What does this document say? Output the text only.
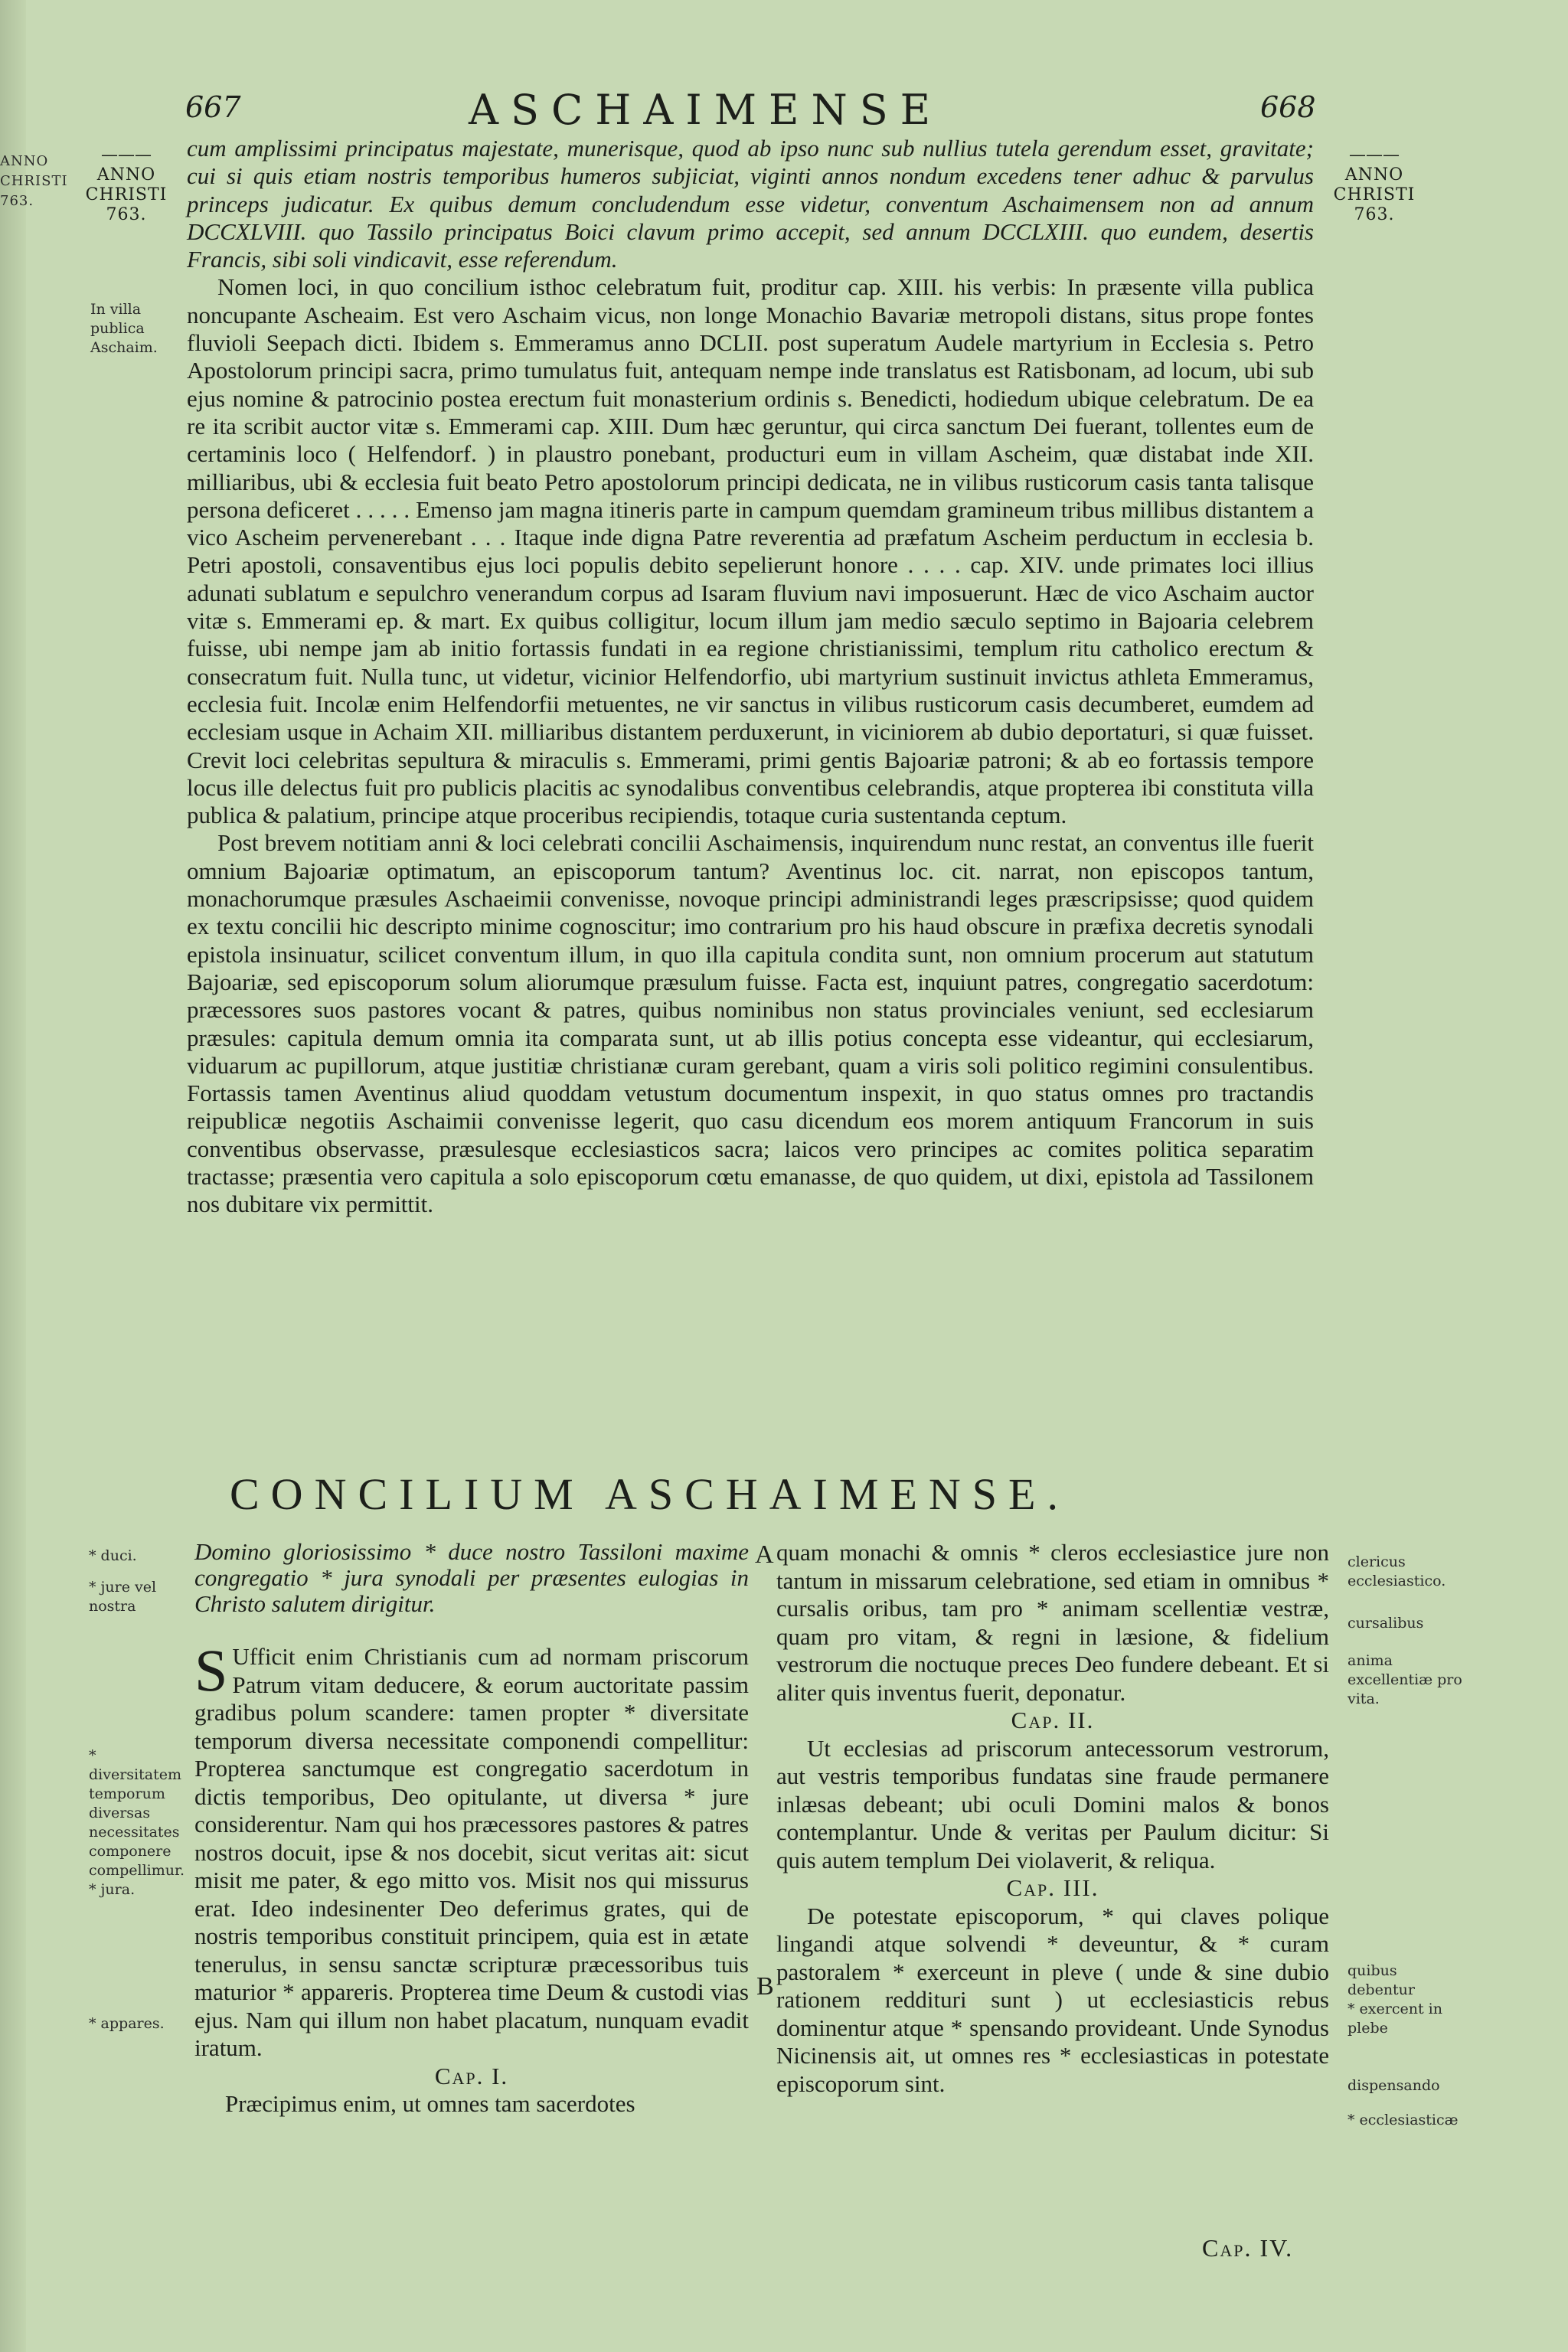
ANNO CHRISTI 763.
667	ASCHAIMENSE	668
———
ANNO
CHRISTI
763.
———
ANNO
CHRISTI
763.
In villa publica Aschaim.

cum amplissimi principatus majestate, munerisque, quod ab ipso nunc sub nullius tutela gerendum esset, gravitate; cui si quis etiam nostris temporibus humeros subjiciat, viginti annos nondum excedens tener adhuc & parvulus princeps judicatur. Ex quibus demum concludendum esse videtur, conventum Aschaimensem non ad annum DCCXLVIII. quo Tassilo principatus Boici clavum primo accepit, sed annum DCCLXIII. quo eundem, desertis Francis, sibi soli vindicavit, esse referendum.

Nomen loci, in quo concilium isthoc celebratum fuit, proditur cap. XIII. his verbis: In præsente villa publica noncupante Ascheaim. Est vero Aschaim vicus, non longe Monachio Bavariæ metropoli distans, situs prope fontes fluvioli Seepach dicti. Ibidem s. Emmeramus anno DCLII. post superatum Audele martyrium in Ecclesia s. Petro Apostolorum principi sacra, primo tumulatus fuit, antequam nempe inde translatus est Ratisbonam, ad locum, ubi sub ejus nomine & patrocinio postea erectum fuit monasterium ordinis s. Benedicti, hodiedum ubique celebratum. De ea re ita scribit auctor vitæ s. Emmerami cap. XIII. Dum hæc geruntur, qui circa sanctum Dei fuerant, tollentes eum de certaminis loco ( Helfendorf. ) in plaustro ponebant, producturi eum in villam Ascheim, quæ distabat inde XII. milliaribus, ubi & ecclesia fuit beato Petro apostolorum principi dedicata, ne in vilibus rusticorum casis tanta talisque persona deficeret . . . . . Emenso jam magna itineris parte in campum quemdam gramineum tribus millibus distantem a vico Ascheim pervenerebant . . . Itaque inde digna Patre reverentia ad præfatum Ascheim perductum in ecclesia b. Petri apostoli, consaventibus ejus loci populis debito sepelierunt honore . . . . cap. XIV. unde primates loci illius adunati sublatum e sepulchro venerandum corpus ad Isaram fluvium navi imposuerunt. Hæc de vico Aschaim auctor vitæ s. Emmerami ep. & mart. Ex quibus colligitur, locum illum jam medio sæculo septimo in Bajoaria celebrem fuisse, ubi nempe jam ab initio fortassis fundati in ea regione christianissimi, templum ritu catholico erectum & consecratum fuit. Nulla tunc, ut videtur, vicinior Helfendorfio, ubi martyrium sustinuit invictus athleta Emmeramus, ecclesia fuit. Incolæ enim Helfendorfii metuentes, ne vir sanctus in vilibus rusticorum casis decumberet, eumdem ad ecclesiam usque in Achaim XII. milliaribus distantem perduxerunt, in viciniorem ab dubio deportaturi, si quæ fuisset. Crevit loci celebritas sepultura & miraculis s. Emmerami, primi gentis Bajoariæ patroni; & ab eo fortassis tempore locus ille delectus fuit pro publicis placitis ac synodalibus conventibus celebrandis, atque propterea ibi constituta villa publica & palatium, principe atque proceribus recipiendis, totaque curia sustentanda ceptum.

Post brevem notitiam anni & loci celebrati concilii Aschaimensis, inquirendum nunc restat, an conventus ille fuerit omnium Bajoariæ optimatum, an episcoporum tantum? Aventinus loc. cit. narrat, non episcopos tantum, monachorumque præsules Aschaeimii convenisse, novoque principi administrandi leges præscripsisse; quod quidem ex textu concilii hic descripto minime cognoscitur; imo contrarium pro his haud obscure in præfixa decretis synodali epistola insinuatur, scilicet conventum illum, in quo illa capitula condita sunt, non omnium procerum aut statutum Bajoariæ, sed episcoporum solum aliorumque præsulum fuisse. Facta est, inquiunt patres, congregatio sacerdotum: præcessores suos pastores vocant & patres, quibus nominibus non status provinciales veniunt, sed ecclesiarum præsules: capitula demum omnia ita comparata sunt, ut ab illis potius concepta esse videantur, qui ecclesiarum, viduarum ac pupillorum, atque justitiæ christianæ curam gerebant, quam a viris soli politico regimini consulentibus. Fortassis tamen Aventinus aliud quoddam vetustum documentum inspexit, in quo status omnes pro tractandis reipublicæ negotiis Aschaimii convenisse legerit, quo casu dicendum eos morem antiquum Francorum in suis conventibus observasse, præsulesque ecclesiasticos sacra; laicos vero principes ac comites politica separatim tractasse; præsentia vero capitula a solo episcoporum cœtu emanasse, de quo quidem, ut dixi, epistola ad Tassilonem nos dubitare vix permittit.

CONCILIUM ASCHAIMENSE.
* duci.
* jure vel nostra
* diversitatem temporum diversas necessitates componere compellimur.
* jura.
* appares.
A
B

Domino gloriosissimo * duce nostro Tassiloni maxime congregatio * jura synodali per præsentes eulogias in Christo salutem dirigitur.

S Ufficit enim Christianis cum ad normam priscorum Patrum vitam deducere, & eorum auctoritate passim gradibus polum scandere: tamen propter * diversitate temporum diversa necessitate componendi compellitur: Propterea sanctumque est congregatio sacerdotum in dictis temporibus, Deo opitulante, ut diversa * jure considerentur. Nam qui hos præcessores pastores & patres nostros docuit, ipse & nos docebit, sicut veritas ait: sicut misit me pater, & ego mitto vos. Misit nos qui missurus erat. Ideo indesinenter Deo deferimus grates, qui de nostris temporibus constituit principem, quia est in ætate tenerulus, in sensu sanctæ scripturæ præcessoribus tuis maturior * appareris. Propterea time Deum & custodi vias ejus. Nam qui illum non habet placatum, nunquam evadit iratum.

Cap. I.

Præcipimus enim, ut omnes tam sacerdotes

quam monachi & omnis * cleros ecclesiastice jure non tantum in missarum celebratione, sed etiam in omnibus * cursalis oribus, tam pro * animam scellentiæ vestræ, quam pro vitam, & regni in læsione, & fidelium vestrorum die noctuque preces Deo fundere debeant. Et si aliter quis inventus fuerit, deponatur.

Cap. II.

Ut ecclesias ad priscorum antecessorum vestrorum, aut vestris temporibus fundatas sine fraude permanere inlæsas debeant; ubi oculi Domini malos & bonos contemplantur. Unde & veritas per Paulum dicitur: Si quis autem templum Dei violaverit, & reliqua.

Cap. III.

De potestate episcoporum, * qui claves polique lingandi atque solvendi * deveuntur, & * curam pastoralem * exerceunt in pleve ( unde & sine dubio rationem reddituri sunt ) ut ecclesiasticis rebus dominentur atque * spensando provideant. Unde Synodus Nicinensis ait, ut omnes res * ecclesiasticas in potestate episcoporum sint.

clericus ecclesiastico.
cursalibus
anima excellentiæ pro vita.
quibus debentur
* exercent in plebe
dispensando
* ecclesiasticæ
Cap. IV.
